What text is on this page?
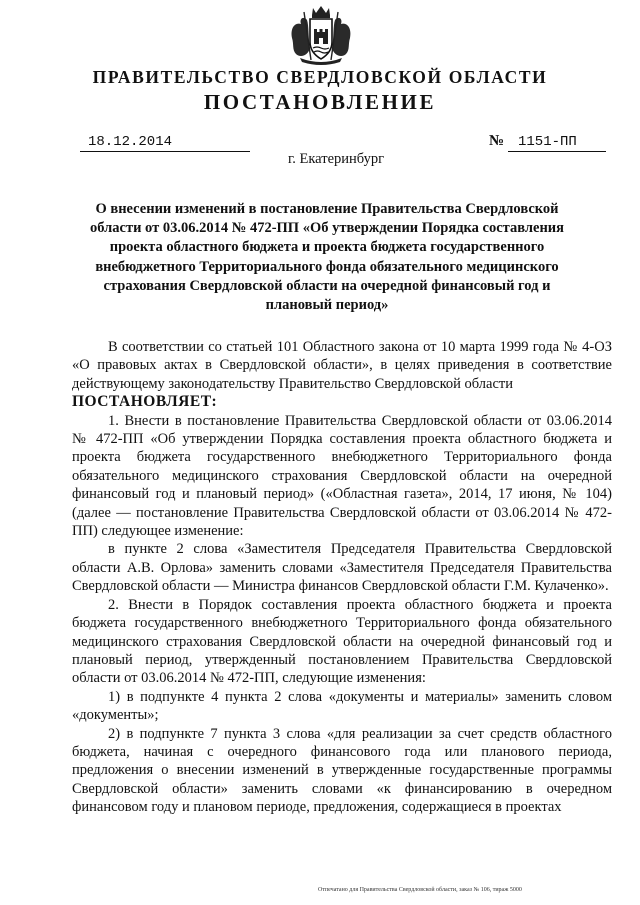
ПРАВИТЕЛЬСТВО СВЕРДЛОВСКОЙ ОБЛАСТИ
ПОСТАНОВЛЕНИЕ
18.12.2014	№ 1151-ПП
г. Екатеринбург
О внесении изменений в постановление Правительства Свердловской области от 03.06.2014 № 472-ПП «Об утверждении Порядка составления проекта областного бюджета и проекта бюджета государственного внебюджетного Территориального фонда обязательного медицинского страхования Свердловской области на очередной финансовый год и плановый период»

В соответствии со статьей 101 Областного закона от 10 марта 1999 года № 4-ОЗ «О правовых актах в Свердловской области», в целях приведения в соответствие действующему законодательству Правительство Свердловской области

ПОСТАНОВЛЯЕТ:

1. Внести в постановление Правительства Свердловской области от 03.06.2014 № 472-ПП «Об утверждении Порядка составления проекта областного бюджета и проекта бюджета государственного внебюджетного Территориального фонда обязательного медицинского страхования Свердловской области на очередной финансовый год и плановый период» («Областная газета», 2014, 17 июня, № 104) (далее — постановление Правительства Свердловской области от 03.06.2014 № 472-ПП) следующее изменение:

в пункте 2 слова «Заместителя Председателя Правительства Свердловской области А.В. Орлова» заменить словами «Заместителя Председателя Правительства Свердловской области — Министра финансов Свердловской области Г.М. Кулаченко».

2. Внести в Порядок составления проекта областного бюджета и проекта бюджета государственного внебюджетного Территориального фонда обязательного медицинского страхования Свердловской области на очередной финансовый год и плановый период, утвержденный постановлением Правительства Свердловской области от 03.06.2014 № 472-ПП, следующие изменения:

1) в подпункте 4 пункта 2 слова «документы и материалы» заменить словом «документы»;

2) в подпункте 7 пункта 3 слова «для реализации за счет средств областного бюджета, начиная с очередного финансового года или планового периода, предложения о внесении изменений в утвержденные государственные программы Свердловской области» заменить словами «к финансированию в очередном финансовом году и плановом периоде, предложения, содержащиеся в проектах

Отпечатано для Правительства Свердловской области, заказ № 106, тираж 5000
